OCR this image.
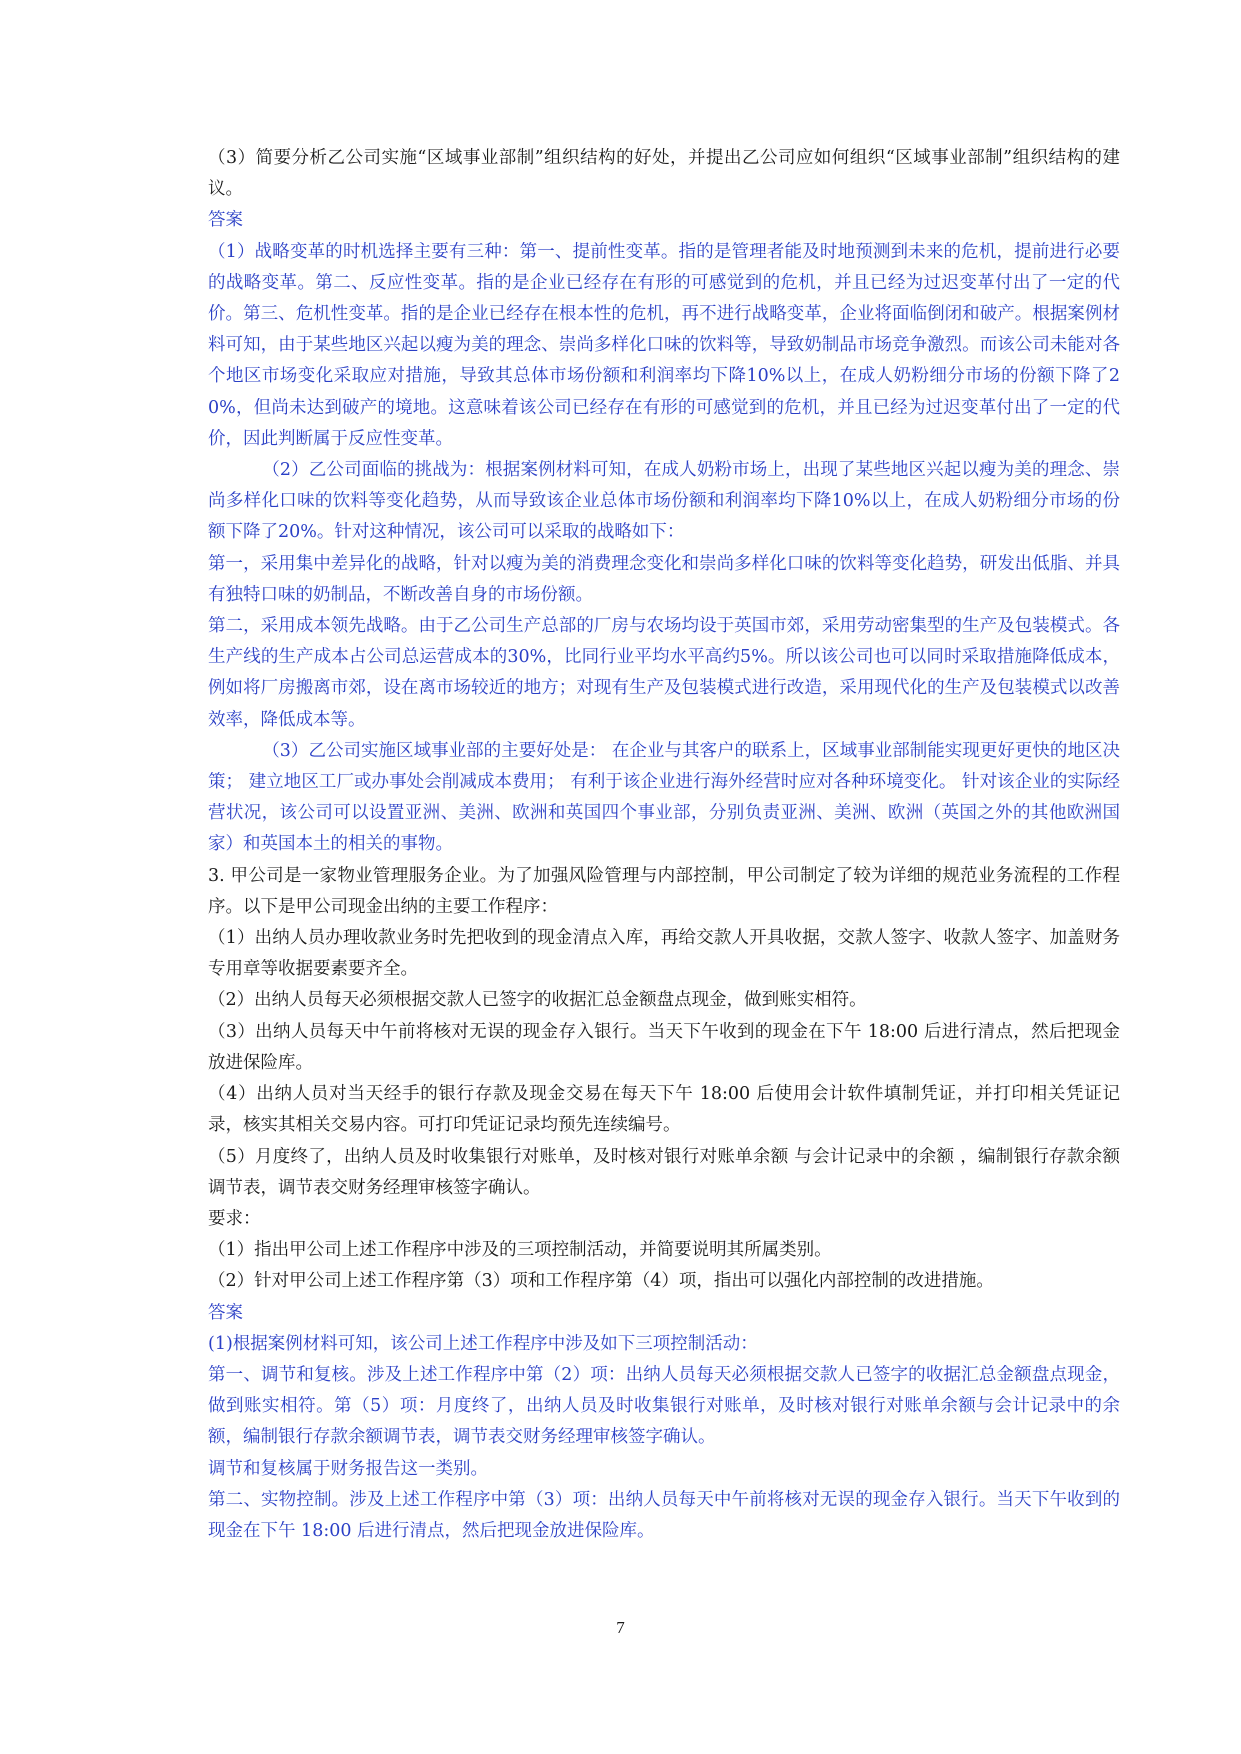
（3）简要分析乙公司实施“区域事业部制”组织结构的好处，并提出乙公司应如何组织“区域事业部制”组织结构的建议。

答案

（1）战略变革的时机选择主要有三种：第一、提前性变革。指的是管理者能及时地预测到未来的危机，提前进行必要的战略变革。第二、反应性变革。指的是企业已经存在有形的可感觉到的危机，并且已经为过迟变革付出了一定的代价。第三、危机性变革。指的是企业已经存在根本性的危机，再不进行战略变革，企业将面临倒闭和破产。根据案例材料可知，由于某些地区兴起以瘦为美的理念、崇尚多样化口味的饮料等，导致奶制品市场竞争激烈。而该公司未能对各个地区市场变化采取应对措施，导致其总体市场份额和利润率均下降10%以上，在成人奶粉细分市场的份额下降了20%，但尚未达到破产的境地。这意味着该公司已经存在有形的可感觉到的危机，并且已经为过迟变革付出了一定的代价，因此判断属于反应性变革。

（2）乙公司面临的挑战为：根据案例材料可知，在成人奶粉市场上，出现了某些地区兴起以瘦为美的理念、崇尚多样化口味的饮料等变化趋势，从而导致该企业总体市场份额和利润率均下降10%以上，在成人奶粉细分市场的份额下降了20%。针对这种情况，该公司可以采取的战略如下：

第一，采用集中差异化的战略，针对以瘦为美的消费理念变化和崇尚多样化口味的饮料等变化趋势，研发出低脂、并具有独特口味的奶制品，不断改善自身的市场份额。

第二，采用成本领先战略。由于乙公司生产总部的厂房与农场均设于英国市郊，采用劳动密集型的生产及包装模式。各生产线的生产成本占公司总运营成本的30%，比同行业平均水平高约5%。所以该公司也可以同时采取措施降低成本，例如将厂房搬离市郊，设在离市场较近的地方；对现有生产及包装模式进行改造，采用现代化的生产及包装模式以改善效率，降低成本等。

（3）乙公司实施区域事业部的主要好处是： 在企业与其客户的联系上，区域事业部制能实现更好更快的地区决策； 建立地区工厂或办事处会削减成本费用； 有利于该企业进行海外经营时应对各种环境变化。 针对该企业的实际经营状况，该公司可以设置亚洲、美洲、欧洲和英国四个事业部，分别负责亚洲、美洲、欧洲（英国之外的其他欧洲国家）和英国本土的相关的事物。

3. 甲公司是一家物业管理服务企业。为了加强风险管理与内部控制，甲公司制定了较为详细的规范业务流程的工作程序。以下是甲公司现金出纳的主要工作程序：

（1）出纳人员办理收款业务时先把收到的现金清点入库，再给交款人开具收据，交款人签字、收款人签字、加盖财务专用章等收据要素要齐全。

（2）出纳人员每天必须根据交款人已签字的收据汇总金额盘点现金，做到账实相符。

（3）出纳人员每天中午前将核对无误的现金存入银行。当天下午收到的现金在下午 18:00 后进行清点，然后把现金放进保险库。

（4）出纳人员对当天经手的银行存款及现金交易在每天下午 18:00 后使用会计软件填制凭证，并打印相关凭证记录，核实其相关交易内容。可打印凭证记录均预先连续编号。

（5）月度终了，出纳人员及时收集银行对账单，及时核对银行对账单余额 与会计记录中的余额 ，编制银行存款余额 调节表，调节表交财务经理审核签字确认。

要求：

（1）指出甲公司上述工作程序中涉及的三项控制活动，并简要说明其所属类别。

（2）针对甲公司上述工作程序第（3）项和工作程序第（4）项，指出可以强化内部控制的改进措施。

答案

(1)根据案例材料可知，该公司上述工作程序中涉及如下三项控制活动：

第一、调节和复核。涉及上述工作程序中第（2）项：出纳人员每天必须根据交款人已签字的收据汇总金额盘点现金，做到账实相符。第（5）项：月度终了，出纳人员及时收集银行对账单，及时核对银行对账单余额与会计记录中的余额，编制银行存款余额调节表，调节表交财务经理审核签字确认。

调节和复核属于财务报告这一类别。

第二、实物控制。涉及上述工作程序中第（3）项：出纳人员每天中午前将核对无误的现金存入银行。当天下午收到的现金在下午 18:00 后进行清点，然后把现金放进保险库。

7
